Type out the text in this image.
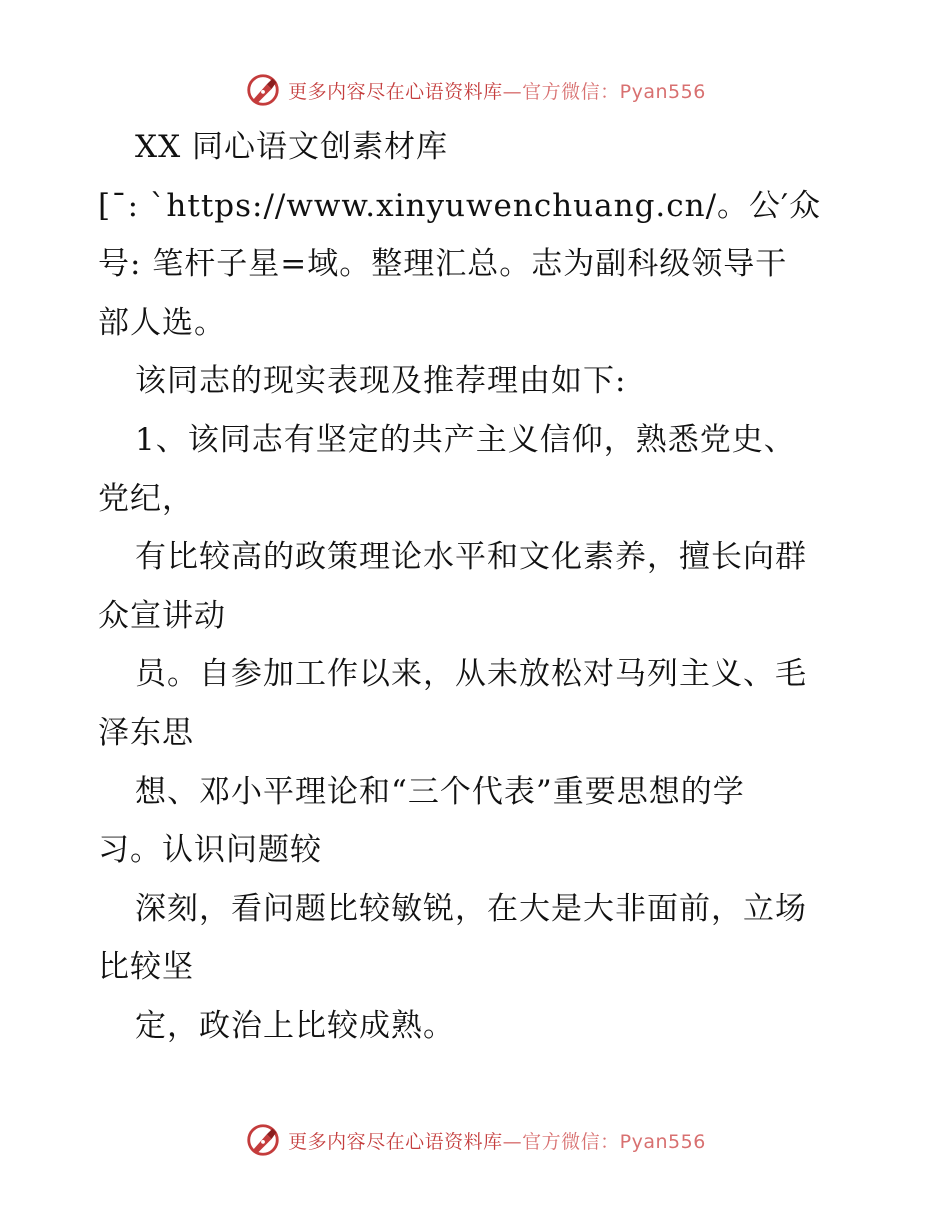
更多内容尽在心语资料库—官方微信：Pyan556
XX 同心语文创素材库
[¯: `https://www.xinyuwenchuang.cn/。公′众
号: 笔杆子星=域。整理汇总。志为副科级领导干
部人选。
该同志的现实表现及推荐理由如下:
1、该同志有坚定的共产主义信仰，熟悉党史、
党纪，
有比较高的政策理论水平和文化素养，擅长向群
众宣讲动
员。自参加工作以来，从未放松对马列主义、毛
泽东思
想、邓小平理论和“三个代表”重要思想的学
习。认识问题较
深刻，看问题比较敏锐，在大是大非面前，立场
比较坚
定，政治上比较成熟。
更多内容尽在心语资料库—官方微信：Pyan556
